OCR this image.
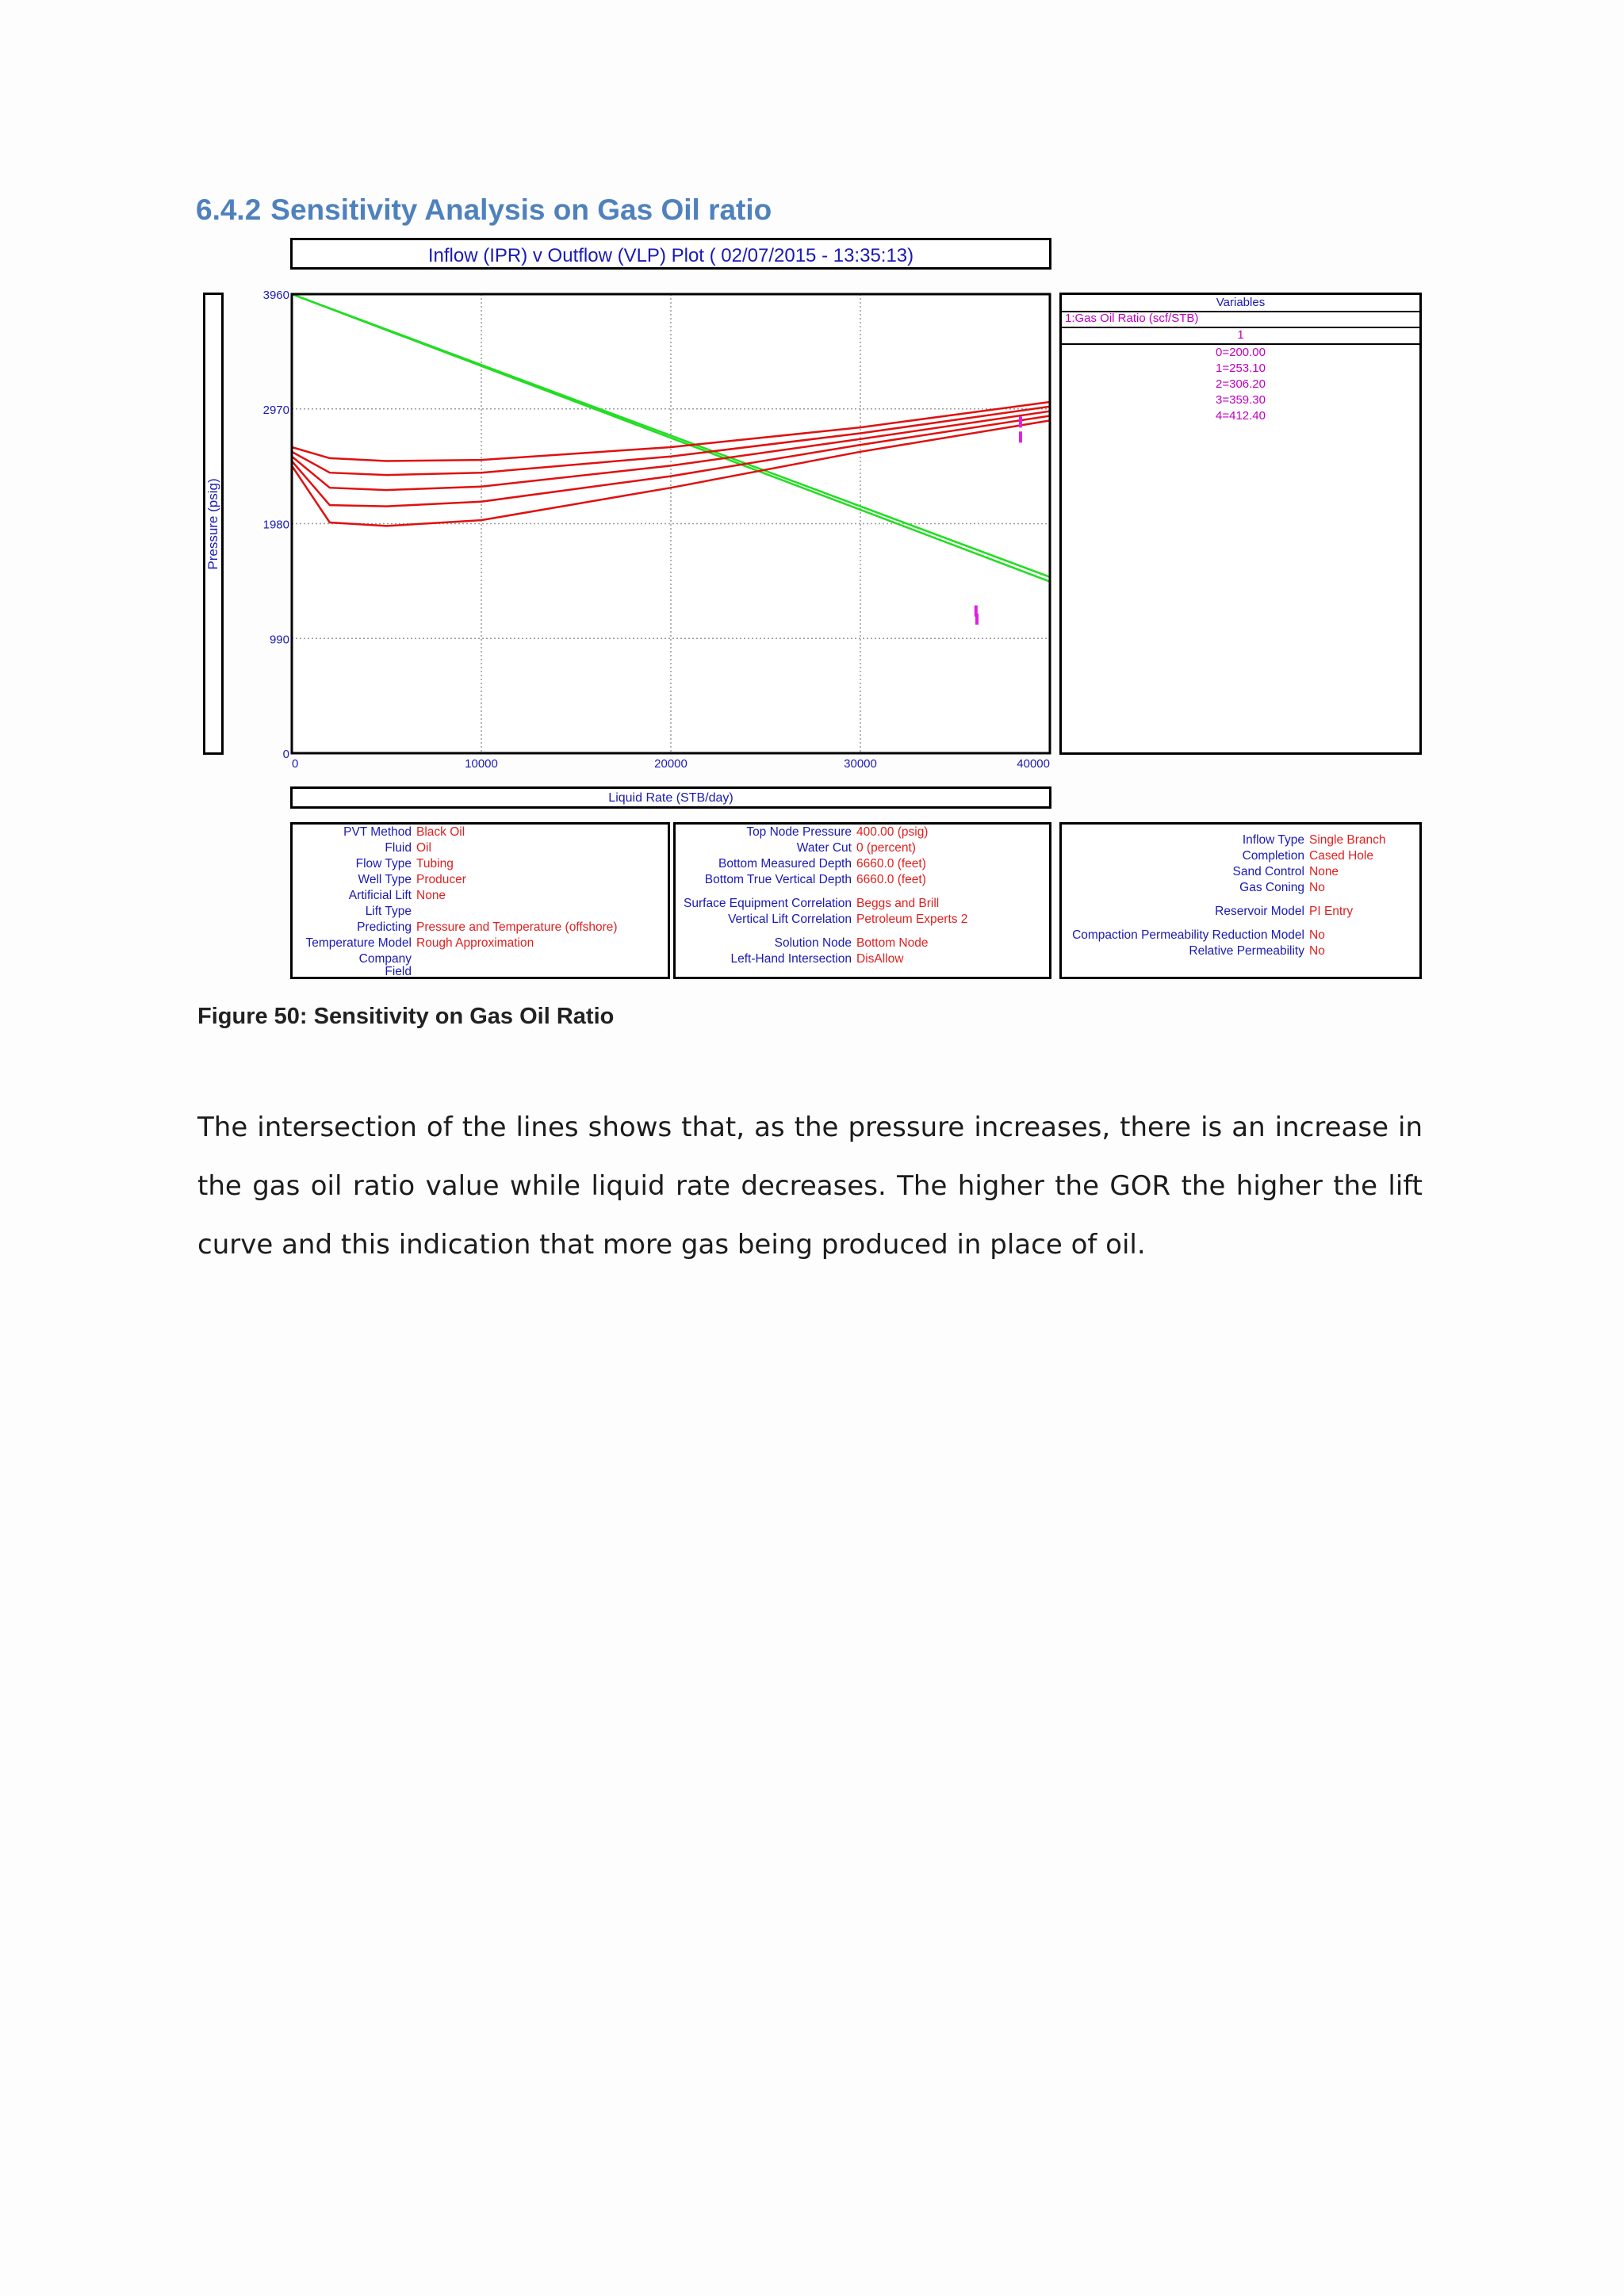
6.4.2 Sensitivity Analysis on Gas Oil ratio
Inflow (IPR) v Outflow (VLP) Plot ( 02/07/2015 - 13:35:13)
Pressure (psig)
0
990
1980
2970
3960
0	10000	20000	30000	40000
Liquid Rate (STB/day)
Variables
1:Gas Oil Ratio (scf/STB)
1
0=200.00
1=253.10
2=306.20
3=359.30
4=412.40
PVT Method Black Oil
Fluid Oil
Flow Type Tubing
Well Type Producer
Artificial Lift None
Lift Type
Predicting Pressure and Temperature (offshore)
Temperature Model Rough Approximation
Company
Field
Top Node Pressure 400.00 (psig)
Water Cut 0 (percent)
Bottom Measured Depth 6660.0 (feet)
Bottom True Vertical Depth 6660.0 (feet)
Surface Equipment Correlation Beggs and Brill
Vertical Lift Correlation Petroleum Experts 2
Solution Node Bottom Node
Left-Hand Intersection DisAllow
Inflow Type Single Branch
Completion Cased Hole
Sand Control None
Gas Coning No
Reservoir Model PI Entry
Compaction Permeability Reduction Model No
Relative Permeability No
Figure 50: Sensitivity on Gas Oil Ratio

The intersection of the lines shows that, as the pressure increases, there is an increase in the gas oil ratio value while liquid rate decreases. The higher the GOR the higher the lift curve and this indication that more gas being produced in place of oil.
